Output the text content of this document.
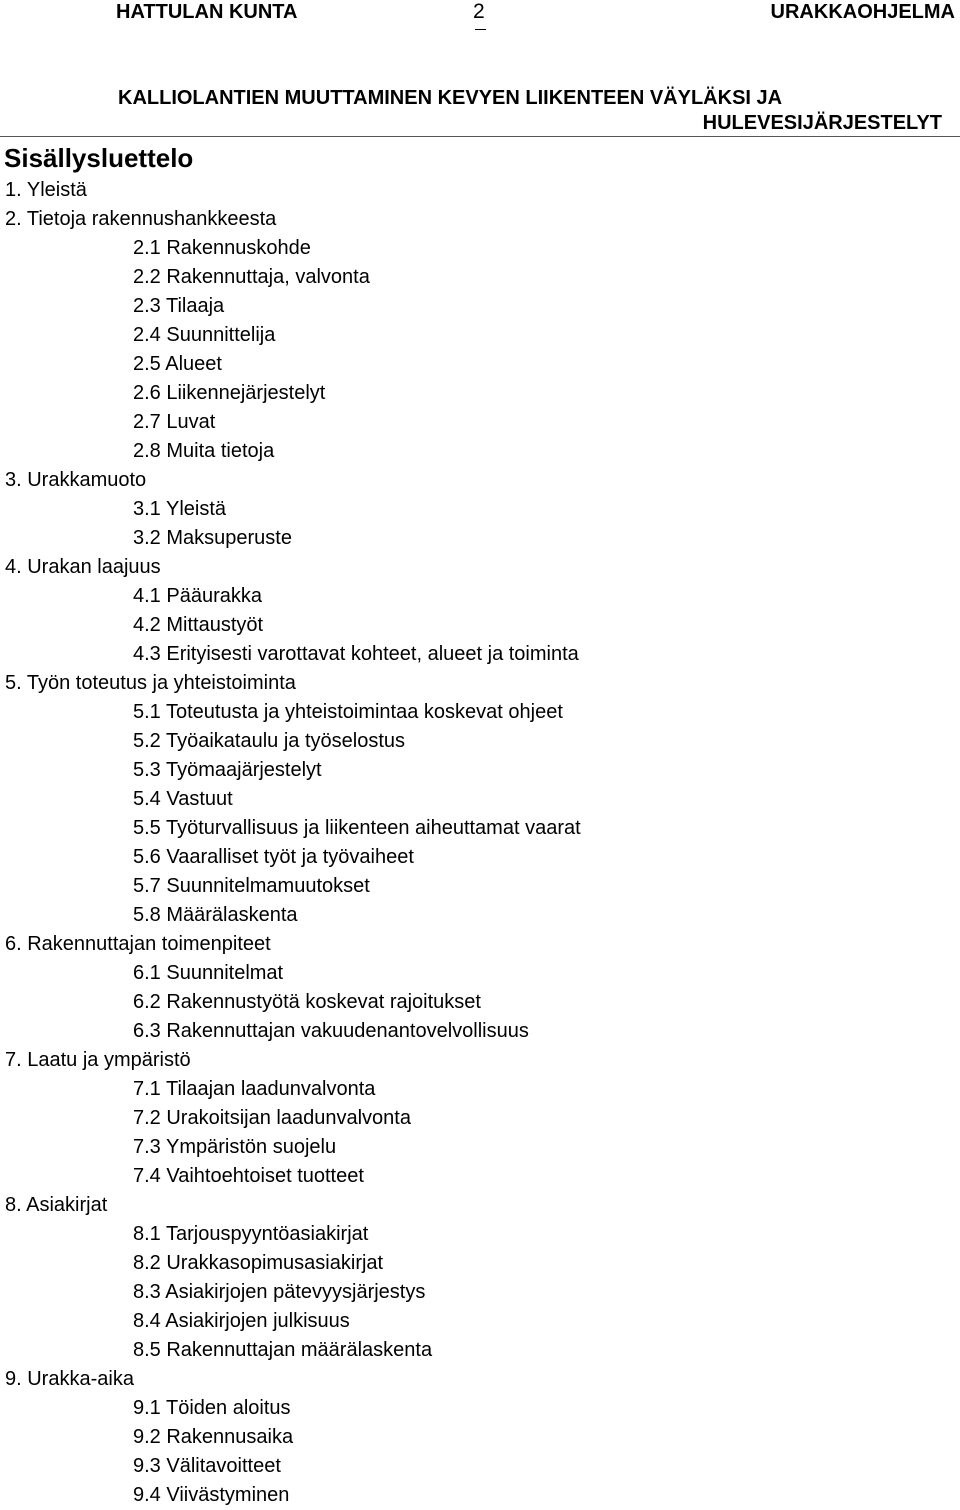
HATTULAN KUNTA	2	URAKKAOHJELMA
KALLIOLANTIEN MUUTTAMINEN KEVYEN LIIKENTEEN VÄYLÄKSI JA
HULEVESIJÄRJESTELYT
Sisällysluettelo
1. Yleistä
2. Tietoja rakennushankkeesta
2.1 Rakennuskohde
2.2 Rakennuttaja, valvonta
2.3 Tilaaja
2.4 Suunnittelija
2.5 Alueet
2.6 Liikennejärjestelyt
2.7 Luvat
2.8 Muita tietoja
3. Urakkamuoto
3.1 Yleistä
3.2 Maksuperuste
4. Urakan laajuus
4.1 Pääurakka
4.2 Mittaustyöt
4.3 Erityisesti varottavat kohteet, alueet ja toiminta
5. Työn toteutus ja yhteistoiminta
5.1 Toteutusta ja yhteistoimintaa koskevat ohjeet
5.2 Työaikataulu ja työselostus
5.3 Työmaajärjestelyt
5.4 Vastuut
5.5 Työturvallisuus ja liikenteen aiheuttamat vaarat
5.6 Vaaralliset työt ja työvaiheet
5.7 Suunnitelmamuutokset
5.8 Määrälaskenta
6. Rakennuttajan toimenpiteet
6.1 Suunnitelmat
6.2 Rakennustyötä koskevat rajoitukset
6.3 Rakennuttajan vakuudenantovelvollisuus
7. Laatu ja ympäristö
7.1 Tilaajan laadunvalvonta
7.2 Urakoitsijan laadunvalvonta
7.3 Ympäristön suojelu
7.4 Vaihtoehtoiset tuotteet
8. Asiakirjat
8.1 Tarjouspyyntöasiakirjat
8.2 Urakkasopimusasiakirjat
8.3 Asiakirjojen pätevyysjärjestys
8.4 Asiakirjojen julkisuus
8.5 Rakennuttajan määrälaskenta
9. Urakka-aika
9.1 Töiden aloitus
9.2 Rakennusaika
9.3 Välitavoitteet
9.4 Viivästyminen
